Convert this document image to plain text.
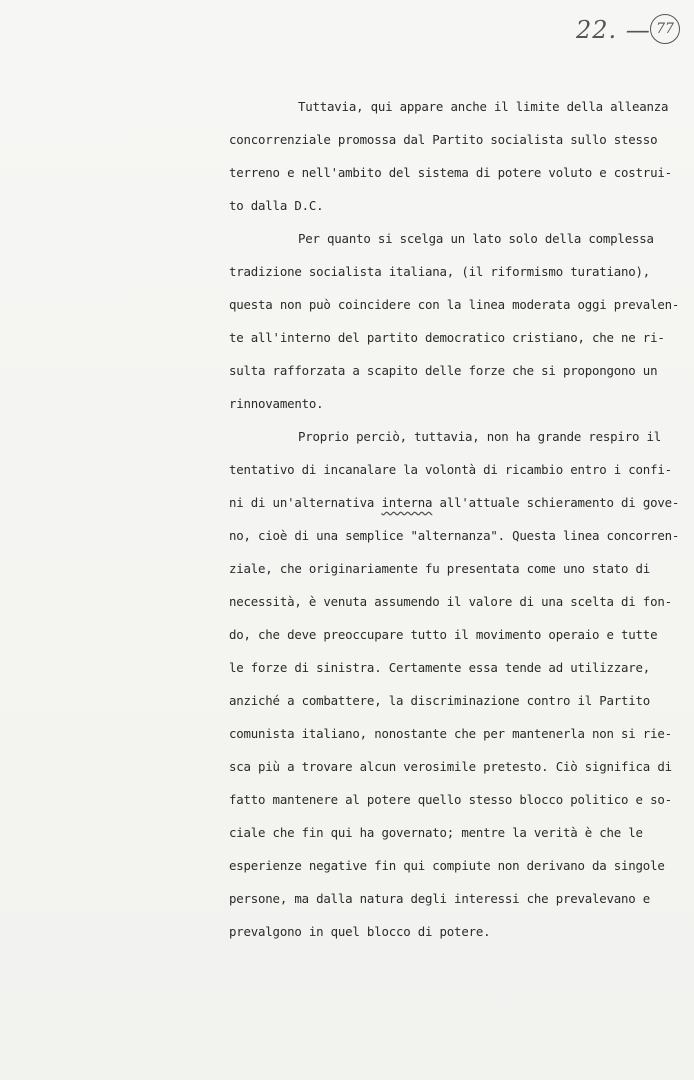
22. — 77
Tuttavia, qui appare anche il limite della alleanza
concorrenziale promossa dal Partito socialista sullo stesso
terreno e nell'ambito del sistema di potere voluto e costrui-
to dalla D.C.
Per quanto si scelga un lato solo della complessa
tradizione socialista italiana, (il riformismo turatiano),
questa non può coincidere con la linea moderata oggi prevalen-
te all'interno del partito democratico cristiano, che ne ri-
sulta rafforzata a scapito delle forze che si propongono un
rinnovamento.
Proprio perciò, tuttavia, non ha grande respiro il
tentativo di incanalare la volontà di ricambio entro i confi-
ni di un'alternativa interna all'attuale schieramento di gove-
no, cioè di una semplice "alternanza". Questa linea concorren-
ziale, che originariamente fu presentata come uno stato di
necessità, è venuta assumendo il valore di una scelta di fon-
do, che deve preoccupare tutto il movimento operaio e tutte
le forze di sinistra. Certamente essa tende ad utilizzare,
anziché a combattere, la discriminazione contro il Partito
comunista italiano, nonostante che per mantenerla non si rie-
sca più a trovare alcun verosimile pretesto. Ciò significa di
fatto mantenere al potere quello stesso blocco politico e so-
ciale che fin qui ha governato; mentre la verità è che le
esperienze negative fin qui compiute non derivano da singole
persone, ma dalla natura degli interessi che prevalevano e
prevalgono in quel blocco di potere.
